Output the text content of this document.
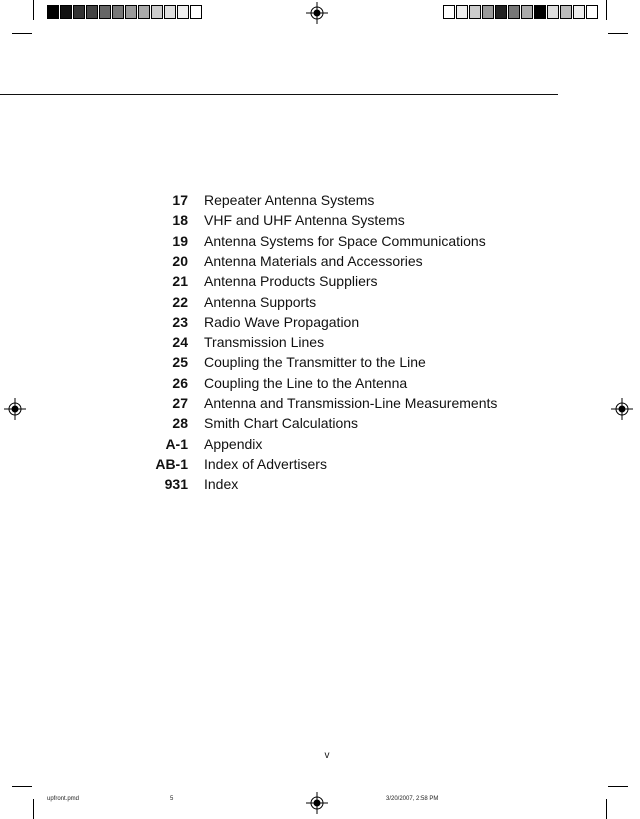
17 Repeater Antenna Systems
18 VHF and UHF Antenna Systems
19 Antenna Systems for Space Communications
20 Antenna Materials and Accessories
21 Antenna Products Suppliers
22 Antenna Supports
23 Radio Wave Propagation
24 Transmission Lines
25 Coupling the Transmitter to the Line
26 Coupling the Line to the Antenna
27 Antenna and Transmission-Line Measurements
28 Smith Chart Calculations
A-1 Appendix
AB-1 Index of Advertisers
931 Index
v
upfront.pmd	5	3/20/2007, 2:58 PM
